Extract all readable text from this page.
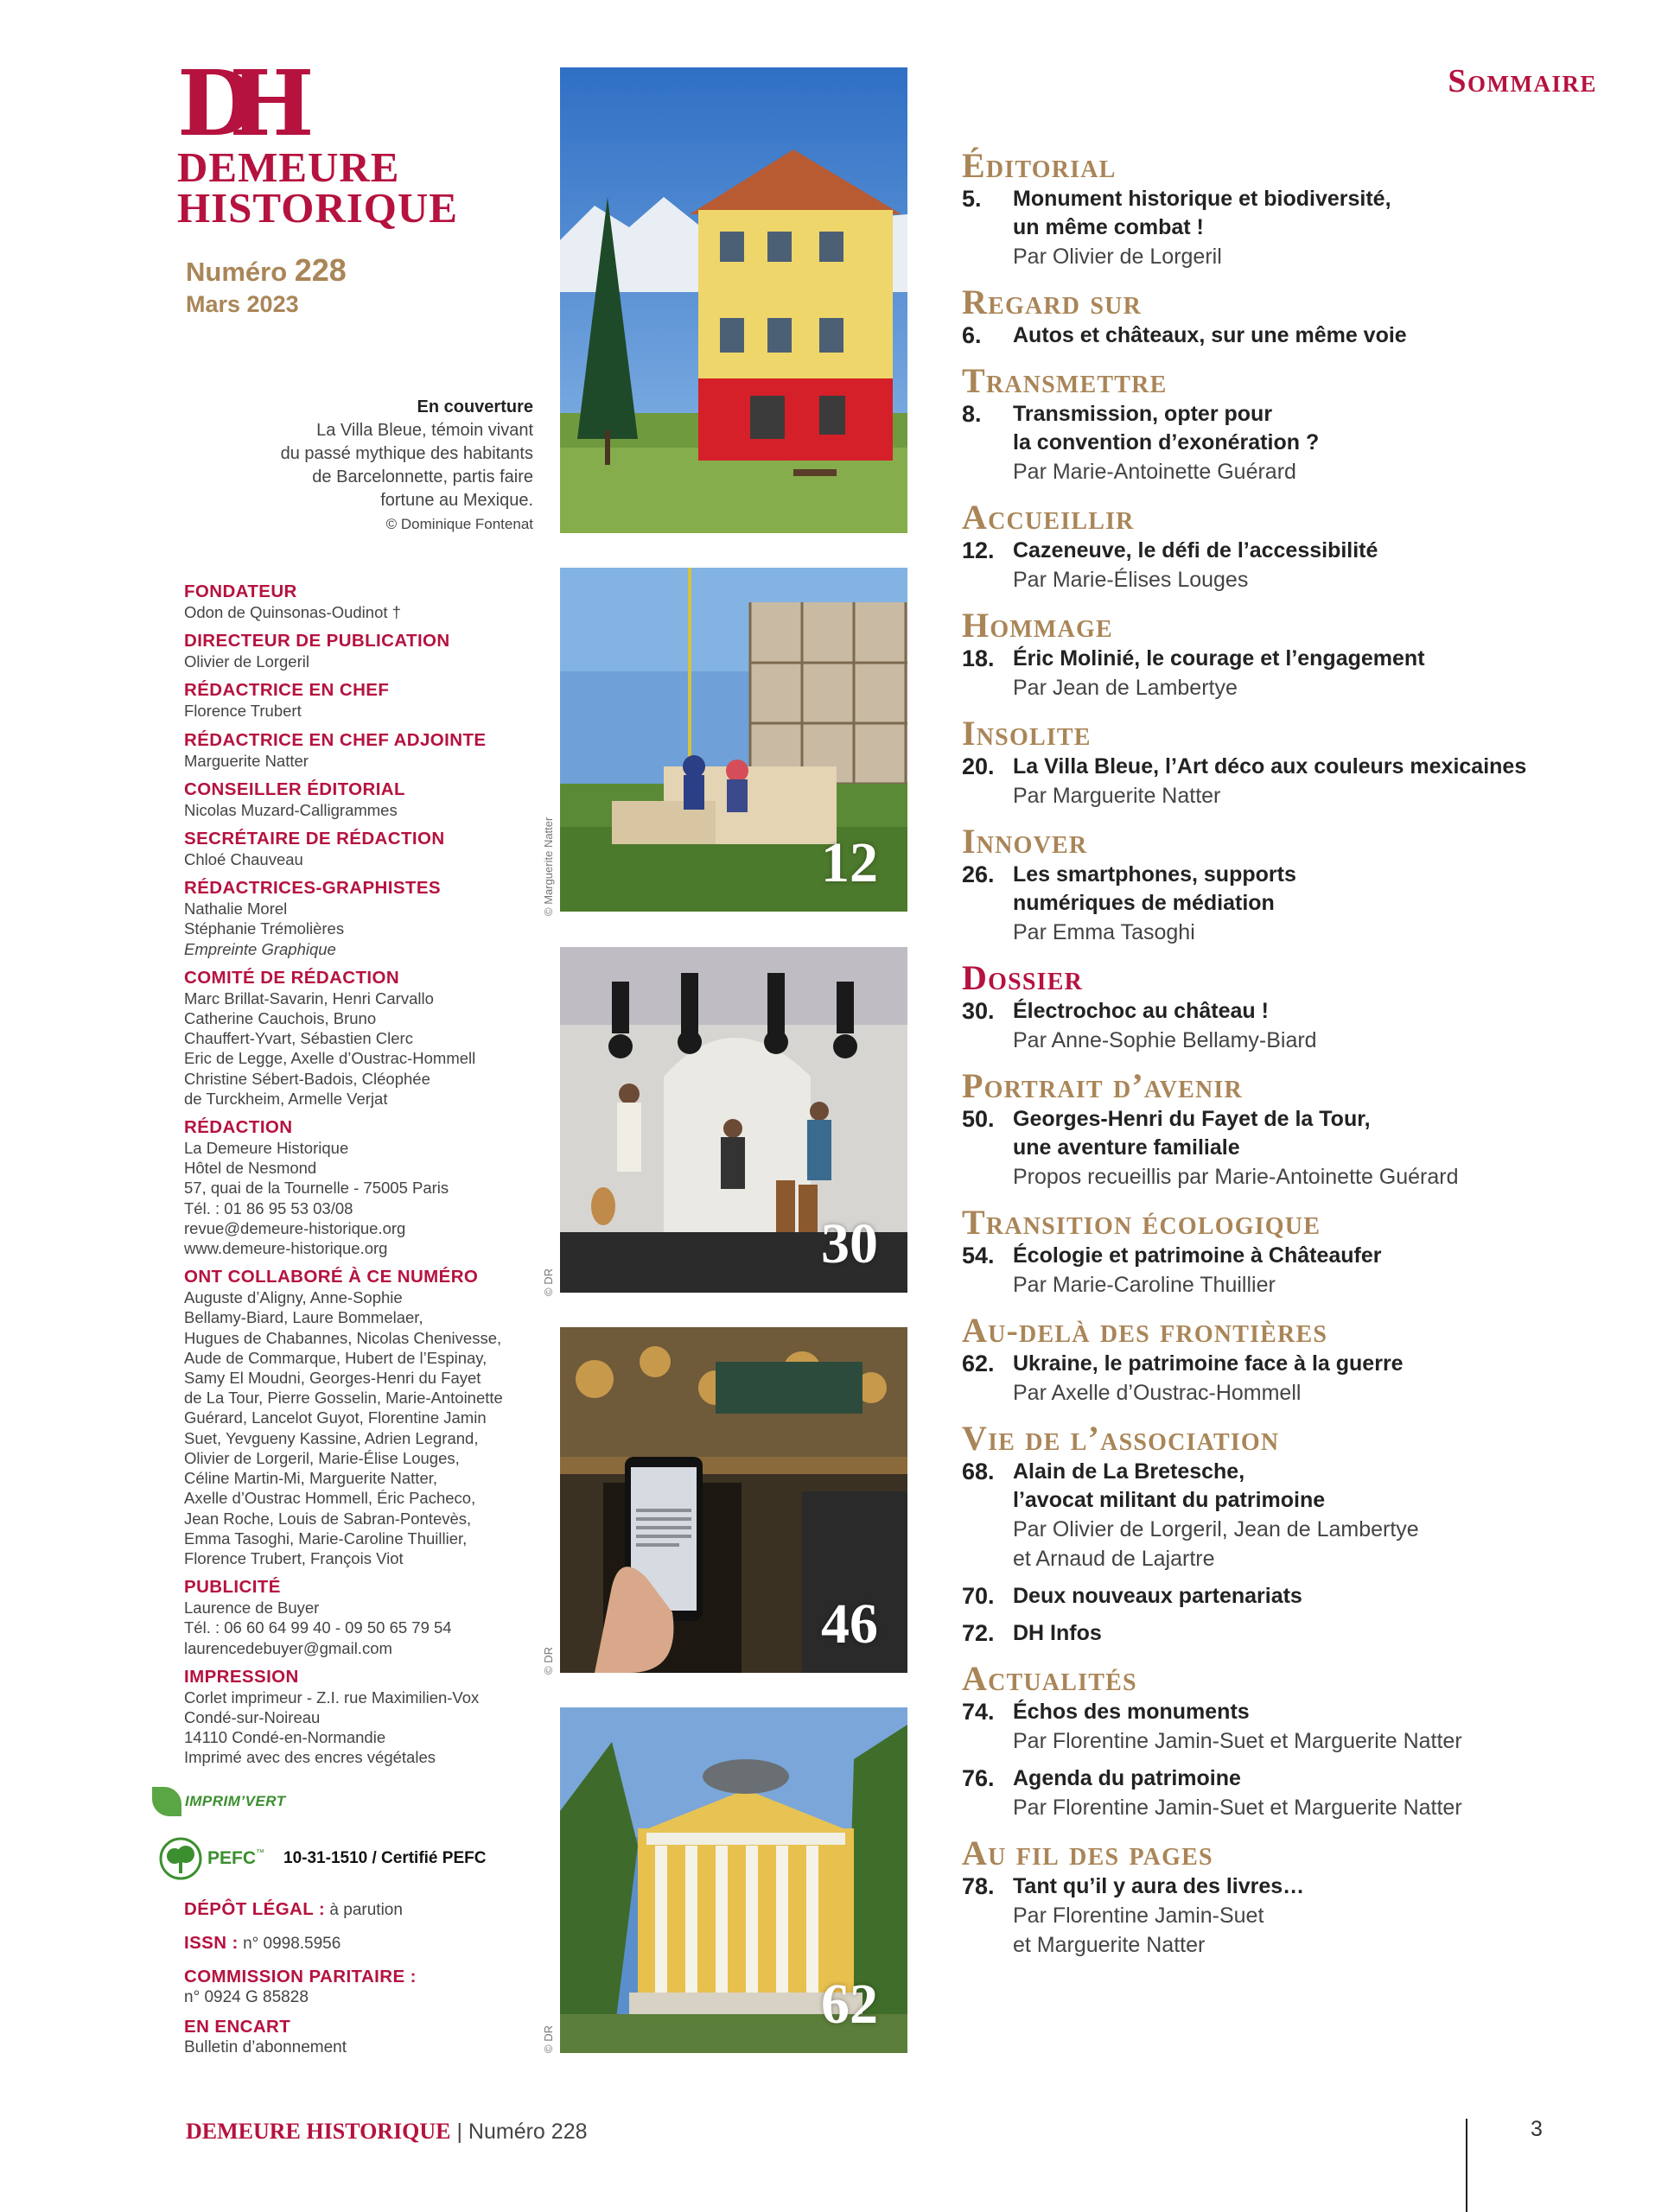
DH
DEMEURE
HISTORIQUE
Numéro 228
Mars 2023
En couverture
La Villa Bleue, témoin vivant
du passé mythique des habitants
de Barcelonnette, partis faire
fortune au Mexique.
© Dominique Fontenat
FONDATEUR
Odon de Quinsonas-Oudinot †
DIRECTEUR DE PUBLICATION
Olivier de Lorgeril
RÉDACTRICE EN CHEF
Florence Trubert
RÉDACTRICE EN CHEF ADJOINTE
Marguerite Natter
CONSEILLER ÉDITORIAL
Nicolas Muzard-Calligrammes
SECRÉTAIRE DE RÉDACTION
Chloé Chauveau
RÉDACTRICES-GRAPHISTES
Nathalie Morel
Stéphanie Trémolières
Empreinte Graphique
COMITÉ DE RÉDACTION
Marc Brillat-Savarin, Henri Carvallo
Catherine Cauchois, Bruno
Chauffert-Yvart, Sébastien Clerc
Eric de Legge, Axelle d’Oustrac-Hommell
Christine Sébert-Badois, Cléophée
de Turckheim, Armelle Verjat
RÉDACTION
La Demeure Historique
Hôtel de Nesmond
57, quai de la Tournelle - 75005 Paris
Tél. : 01 86 95 53 03/08
revue@demeure-historique.org
www.demeure-historique.org
ONT COLLABORÉ À CE NUMÉRO
Auguste d’Aligny, Anne-Sophie
Bellamy-Biard, Laure Bommelaer,
Hugues de Chabannes, Nicolas Chenivesse,
Aude de Commarque, Hubert de l’Espinay,
Samy El Moudni, Georges-Henri du Fayet
de La Tour, Pierre Gosselin, Marie-Antoinette
Guérard, Lancelot Guyot, Florentine Jamin
Suet, Yevgueny Kassine, Adrien Legrand,
Olivier de Lorgeril, Marie-Élise Louges,
Céline Martin-Mi, Marguerite Natter,
Axelle d’Oustrac Hommell, Éric Pacheco,
Jean Roche, Louis de Sabran-Pontevès,
Emma Tasoghi, Marie-Caroline Thuillier,
Florence Trubert, François Viot
PUBLICITÉ
Laurence de Buyer
Tél. : 06 60 64 99 40 - 09 50 65 79 54
laurencedebuyer@gmail.com
IMPRESSION
Corlet imprimeur - Z.I. rue Maximilien-Vox
Condé-sur-Noireau
14110 Condé-en-Normandie
Imprimé avec des encres végétales
IMPRIM’VERT
PEFC™ 10-31-1510 / Certifié PEFC
DÉPÔT LÉGAL : à parution
ISSN : n° 0998.5956
COMMISSION PARITAIRE :
n° 0924 G 85828
EN ENCART
Bulletin d’abonnement
12
© Marguerite Natter
30
© DR
46
© DR
62
© DR
Sommaire
Éditorial
5. Monument historique et biodiversité,
un même combat !
Par Olivier de Lorgeril
Regard sur
6. Autos et châteaux, sur une même voie
Transmettre
8. Transmission, opter pour
la convention d’exonération ?
Par Marie-Antoinette Guérard
Accueillir
12. Cazeneuve, le défi de l’accessibilité
Par Marie-Élises Louges
Hommage
18. Éric Molinié, le courage et l’engagement
Par Jean de Lambertye
Insolite
20. La Villa Bleue, l’Art déco aux couleurs mexicaines
Par Marguerite Natter
Innover
26. Les smartphones, supports
numériques de médiation
Par Emma Tasoghi
Dossier
30. Électrochoc au château !
Par Anne-Sophie Bellamy-Biard
Portrait d’avenir
50. Georges-Henri du Fayet de la Tour,
une aventure familiale
Propos recueillis par Marie-Antoinette Guérard
Transition écologique
54. Écologie et patrimoine à Châteaufer
Par Marie-Caroline Thuillier
Au-delà des frontières
62. Ukraine, le patrimoine face à la guerre
Par Axelle d’Oustrac-Hommell
Vie de l’association
68. Alain de La Bretesche,
l’avocat militant du patrimoine
Par Olivier de Lorgeril, Jean de Lambertye
et Arnaud de Lajartre
70. Deux nouveaux partenariats
72. DH Infos
Actualités
74. Échos des monuments
Par Florentine Jamin-Suet et Marguerite Natter
76. Agenda du patrimoine
Par Florentine Jamin-Suet et Marguerite Natter
Au fil des pages
78. Tant qu’il y aura des livres…
Par Florentine Jamin-Suet
et Marguerite Natter
DEMEURE HISTORIQUE | Numéro 228	3
